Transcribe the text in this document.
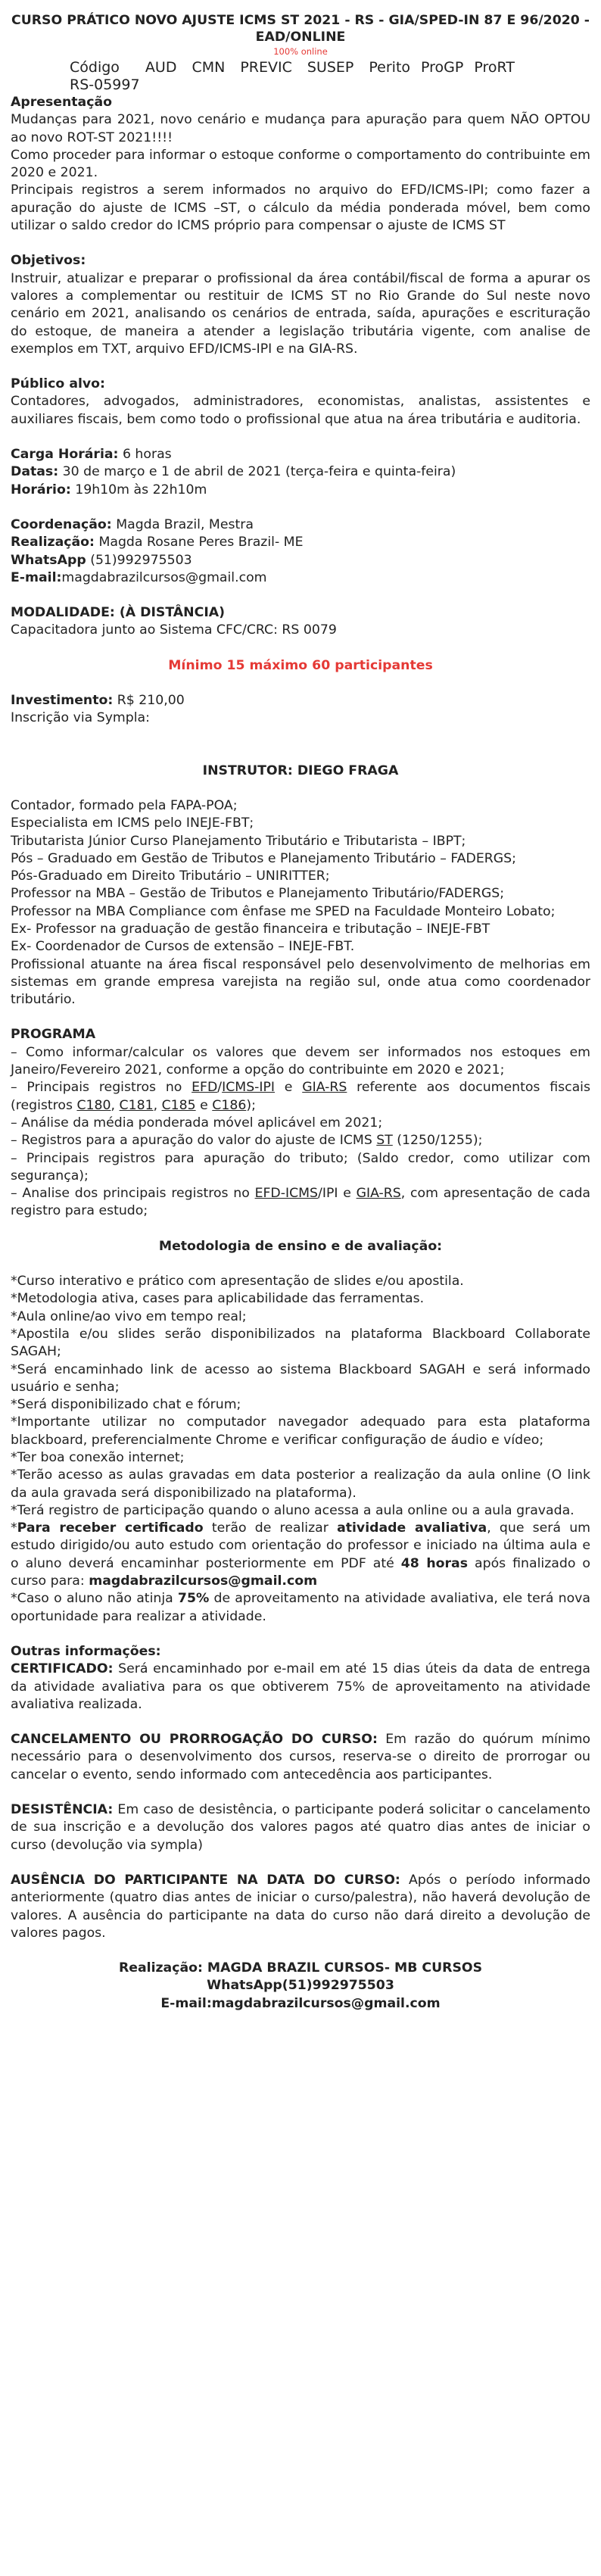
CURSO PRÁTICO NOVO AJUSTE ICMS ST 2021 - RS - GIA/SPED-IN 87 E 96/2020 - EAD/ONLINE
100% online
Código AUD CMN PREVIC SUSEP Perito ProGP ProRT
RS-05997

Apresentação

Mudanças para 2021, novo cenário e mudança para apuração para quem NÃO OPTOU ao novo ROT-ST 2021!!!!

Como proceder para informar o estoque conforme o comportamento do contribuinte em 2020 e 2021.

Principais registros a serem informados no arquivo do EFD/ICMS-IPI; como fazer a apuração do ajuste de ICMS –ST, o cálculo da média ponderada móvel, bem como utilizar o saldo credor do ICMS próprio para compensar o ajuste de ICMS ST

Objetivos:

Instruir, atualizar e preparar o profissional da área contábil/fiscal de forma a apurar os valores a complementar ou restituir de ICMS ST no Rio Grande do Sul neste novo cenário em 2021, analisando os cenários de entrada, saída, apurações e escrituração do estoque, de maneira a atender a legislação tributária vigente, com analise de exemplos em TXT, arquivo EFD/ICMS-IPI e na GIA-RS.

Público alvo:

Contadores, advogados, administradores, economistas, analistas, assistentes e auxiliares fiscais, bem como todo o profissional que atua na área tributária e auditoria.

Carga Horária: 6 horas

Datas: 30 de março e 1 de abril de 2021 (terça-feira e quinta-feira)

Horário: 19h10m às 22h10m

Coordenação: Magda Brazil, Mestra

Realização: Magda Rosane Peres Brazil- ME

WhatsApp (51)992975503

E-mail:magdabrazilcursos@gmail.com

MODALIDADE: (À DISTÂNCIA)

Capacitadora junto ao Sistema CFC/CRC: RS 0079

Mínimo 15 máximo 60 participantes

Investimento: R$ 210,00

Inscrição via Sympla:

INSTRUTOR: DIEGO FRAGA

Contador, formado pela FAPA-POA;

Especialista em ICMS pelo INEJE-FBT;

Tributarista Júnior Curso Planejamento Tributário e Tributarista – IBPT;

Pós – Graduado em Gestão de Tributos e Planejamento Tributário – FADERGS;

Pós-Graduado em Direito Tributário – UNIRITTER;

Professor na MBA – Gestão de Tributos e Planejamento Tributário/FADERGS;

Professor na MBA Compliance com ênfase me SPED na Faculdade Monteiro Lobato;

Ex- Professor na graduação de gestão financeira e tributação – INEJE-FBT

Ex- Coordenador de Cursos de extensão – INEJE-FBT.

Profissional atuante na área fiscal responsável pelo desenvolvimento de melhorias em sistemas em grande empresa varejista na região sul, onde atua como coordenador tributário.

PROGRAMA

– Como informar/calcular os valores que devem ser informados nos estoques em Janeiro/Fevereiro 2021, conforme a opção do contribuinte em 2020 e 2021;

– Principais registros no EFD/ICMS-IPI e GIA-RS referente aos documentos fiscais (registros C180, C181, C185 e C186);

– Análise da média ponderada móvel aplicável em 2021;

– Registros para a apuração do valor do ajuste de ICMS ST (1250/1255);

– Principais registros para apuração do tributo; (Saldo credor, como utilizar com segurança);

– Analise dos principais registros no EFD-ICMS/IPI e GIA-RS, com apresentação de cada registro para estudo;

Metodologia de ensino e de avaliação:

*Curso interativo e prático com apresentação de slides e/ou apostila.

*Metodologia ativa, cases para aplicabilidade das ferramentas.

*Aula online/ao vivo em tempo real;

*Apostila e/ou slides serão disponibilizados na plataforma Blackboard Collaborate SAGAH;

*Será encaminhado link de acesso ao sistema Blackboard SAGAH e será informado usuário e senha;

*Será disponibilizado chat e fórum;

*Importante utilizar no computador navegador adequado para esta plataforma blackboard, preferencialmente Chrome e verificar configuração de áudio e vídeo;

*Ter boa conexão internet;

*Terão acesso as aulas gravadas em data posterior a realização da aula online (O link da aula gravada será disponibilizado na plataforma).

*Terá registro de participação quando o aluno acessa a aula online ou a aula gravada.

*Para receber certificado terão de realizar atividade avaliativa, que será um estudo dirigido/ou auto estudo com orientação do professor e iniciado na última aula e o aluno deverá encaminhar posteriormente em PDF até 48 horas após finalizado o curso para: magdabrazilcursos@gmail.com

*Caso o aluno não atinja 75% de aproveitamento na atividade avaliativa, ele terá nova oportunidade para realizar a atividade.

Outras informações:

CERTIFICADO: Será encaminhado por e-mail em até 15 dias úteis da data de entrega da atividade avaliativa para os que obtiverem 75% de aproveitamento na atividade avaliativa realizada.

CANCELAMENTO OU PRORROGAÇÃO DO CURSO: Em razão do quórum mínimo necessário para o desenvolvimento dos cursos, reserva-se o direito de prorrogar ou cancelar o evento, sendo informado com antecedência aos participantes.

DESISTÊNCIA: Em caso de desistência, o participante poderá solicitar o cancelamento de sua inscrição e a devolução dos valores pagos até quatro dias antes de iniciar o curso (devolução via sympla)

AUSÊNCIA DO PARTICIPANTE NA DATA DO CURSO: Após o período informado anteriormente (quatro dias antes de iniciar o curso/palestra), não haverá devolução de valores. A ausência do participante na data do curso não dará direito a devolução de valores pagos.

Realização: MAGDA BRAZIL CURSOS- MB CURSOS

WhatsApp(51)992975503

E-mail:magdabrazilcursos@gmail.com
